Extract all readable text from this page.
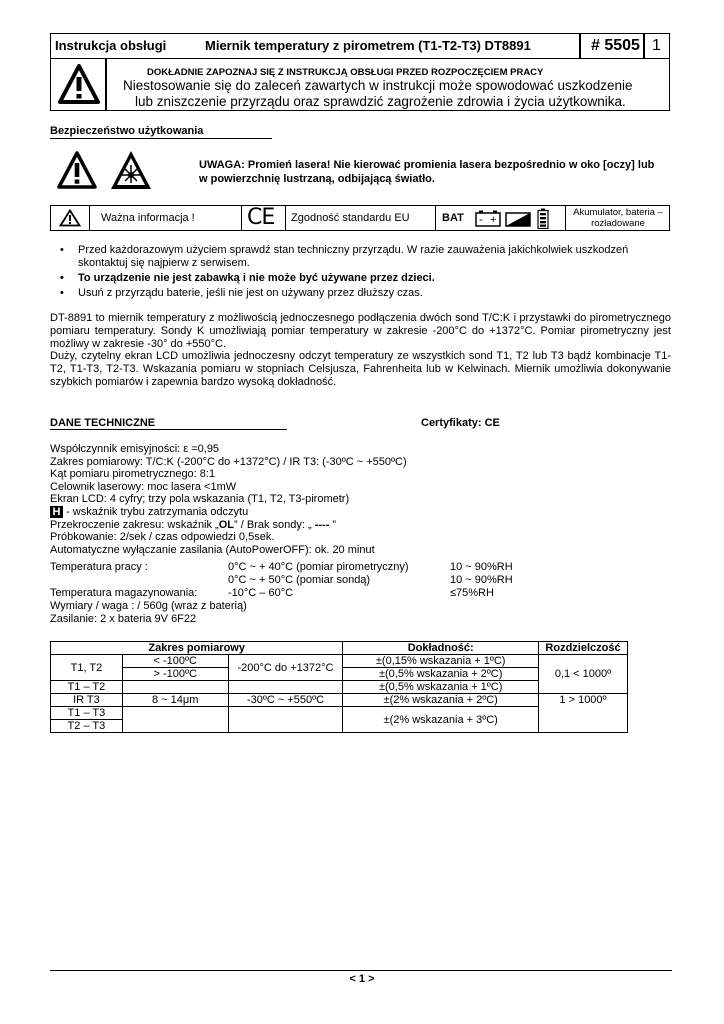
Instrukcja obsługi	Miernik temperatury z pirometrem (T1-T2-T3) DT8891	# 5505 1
DOKŁADNIE ZAPOZNAJ SIĘ Z INSTRUKCJĄ OBSŁUGI PRZED ROZPOCZĘCIEM PRACY
Niestosowanie się do zaleceń zawartych w instrukcji może spowodować uszkodzenie
lub zniszczenie przyrządu oraz sprawdzić zagrożenie zdrowia i życia użytkownika.
Bezpieczeństwo użytkowania
UWAGA: Promień lasera! Nie kierować promienia lasera bezpośrednio w oko [oczy] lub
w powierzchnię lustrzaną, odbijającą światło.
Ważna informacja ! CE Zgodność standardu EU	BAT - +
Akumulator, bateria –
rozładowane
• Przed każdorazowym użyciem sprawdź stan techniczny przyrządu. W razie zauważenia jakichkolwiek uszkodzeń skontaktuj się najpierw z serwisem.
• To urządzenie nie jest zabawką i nie może być używane przez dzieci.
• Usuń z przyrządu baterie, jeśli nie jest on używany przez dłuższy czas.
DT-8891 to miernik temperatury z możliwością jednoczesnego podłączenia dwóch sond T/C:K i przystawki do pirometrycznego pomiaru temperatury. Sondy K umożliwiają pomiar temperatury w zakresie -200°C do +1372°C. Pomiar pirometryczny jest możliwy w zakresie -30° do +550°C.
Duży, czytelny ekran LCD umożliwia jednoczesny odczyt temperatury ze wszystkich sond T1, T2 lub T3 bądź kombinacje T1-T2, T1-T3, T2-T3. Wskazania pomiaru w stopniach Celsjusza, Fahrenheita lub w Kelwinach. Miernik umożliwia dokonywanie szybkich pomiarów i zapewnia bardzo wysoką dokładność.
DANE TECHNICZNE	Certyfikaty: CE
Współczynnik emisyjności: ε =0,95
Zakres pomiarowy: T/C:K (-200°C do +1372°C) / IR T3: (-30ºC ~ +550ºC)
Kąt pomiaru pirometrycznego: 8:1
Celownik laserowy: moc lasera <1mW
Ekran LCD: 4 cyfry; trzy pola wskazania (T1, T2, T3-pirometr)
H - wskaźnik trybu zatrzymania odczytu
Przekroczenie zakresu: wskaźnik „OL” / Brak sondy: „ ---- ”
Próbkowanie: 2/sek / czas odpowiedzi 0,5sek.
Automatyczne wyłączanie zasilania (AutoPowerOFF): ok. 20 minut
Temperatura pracy :	0°C ~ + 40°C (pomiar pirometryczny)	10 ~ 90%RH
0°C ~ + 50°C (pomiar sondą)	10 ~ 90%RH
Temperatura magazynowania:	-10°C – 60°C	≤75%RH
Wymiary / waga : / 560g (wraz z baterią)
Zasilanie: 2 x bateria 9V 6F22
Zakres pomiarowy			Dokładność:	Rozdzielczość
T1, T2	< -100ºC	-200°C do +1372°C	±(0,15% wskazania + 1ºC)	0,1 < 1000º
	> -100ºC		±(0,5% wskazania + 2ºC)	
T1 – T2			±(0,5% wskazania + 1ºC)	
IR T3	8 ~ 14μm	-30ºC ~ +550ºC	±(2% wskazania + 2ºC)	1 > 1000º
T1 – T3			±(2% wskazania + 3ºC)	
T2 – T3				
< 1 >
